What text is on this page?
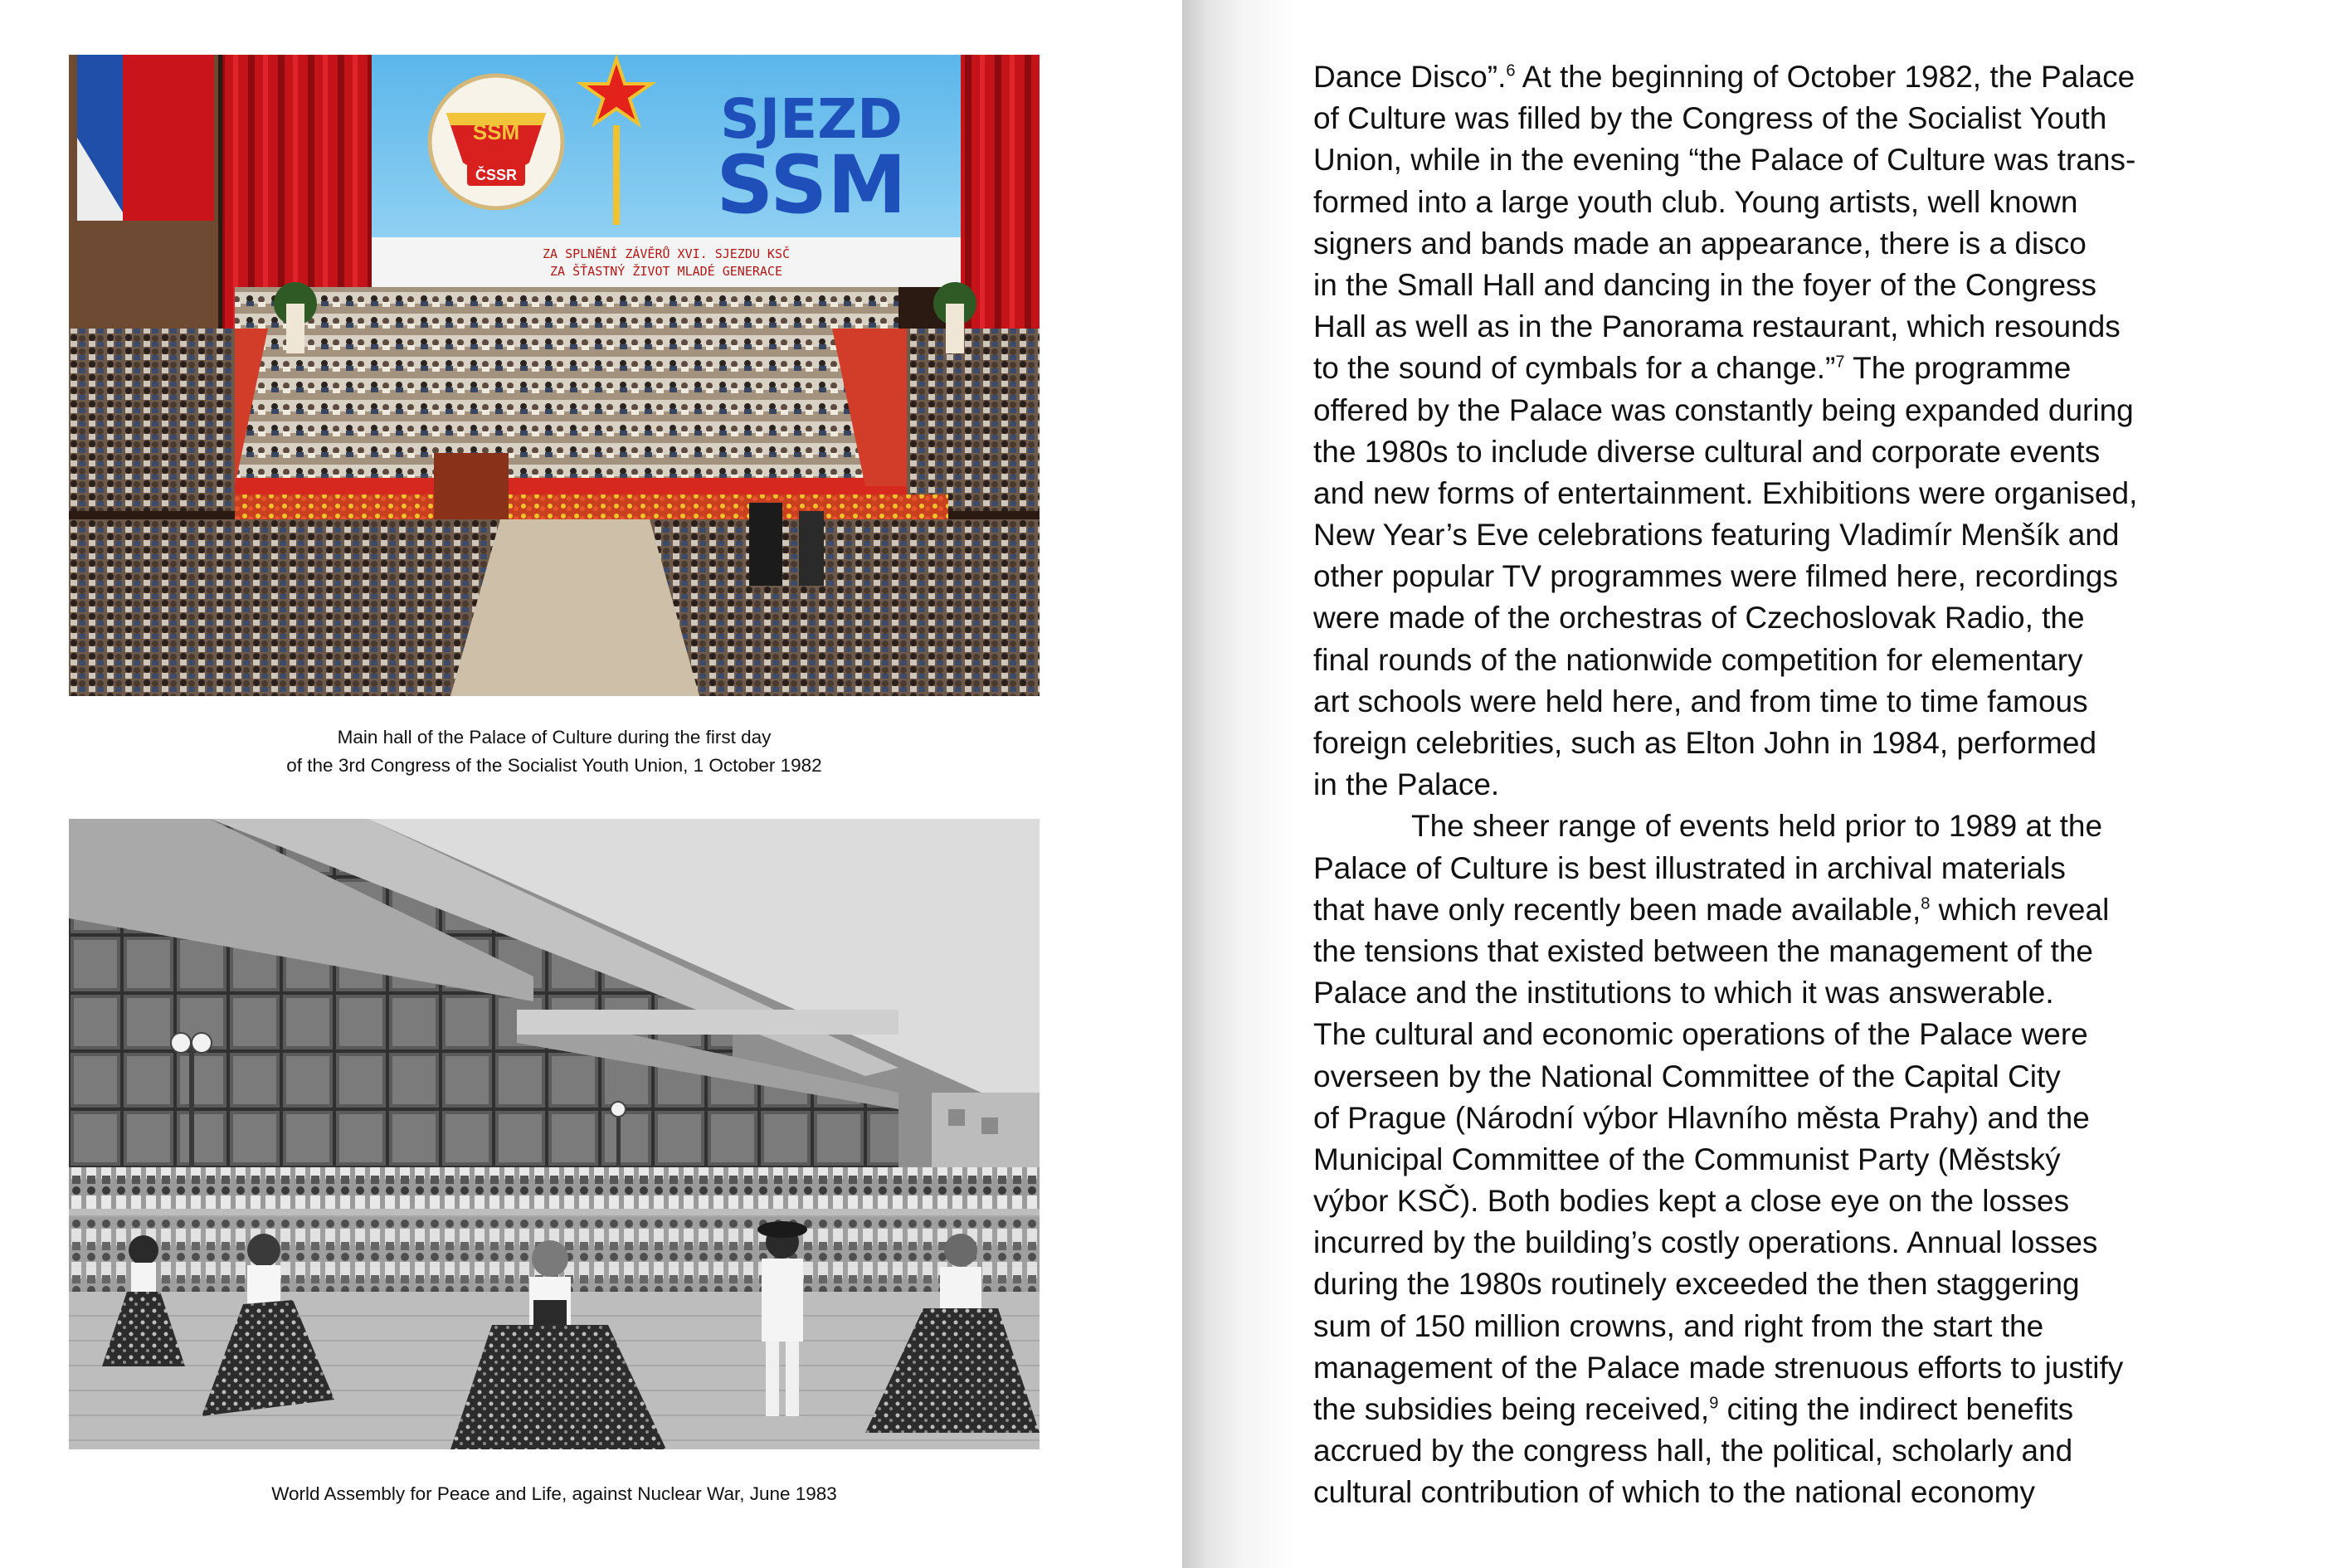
SSM
ČSSR
SJEZD
SSM
ZA SPLNĚNÍ ZÁVĚRŮ XVI. SJEZDU KSČ
ZA ŠŤASTNÝ ŽIVOT MLADÉ GENERACE
Main hall of the Palace of Culture during the first day
of the 3rd Congress of the Socialist Youth Union, 1 October 1982
World Assembly for Peace and Life, against Nuclear War, June 1983
Dance Disco”.$^6$ At the beginning of October 1982, the Palace
of Culture was filled by the Congress of the Socialist Youth
Union, while in the evening “the Palace of Culture was trans-
formed into a large youth club. Young artists, well known
signers and bands made an appearance, there is a disco
in the Small Hall and dancing in the foyer of the Congress
Hall as well as in the Panorama restaurant, which resounds
to the sound of cymbals for a change.”$^7$ The programme
offered by the Palace was constantly being expanded during
the 1980s to include diverse cultural and corporate events
and new forms of entertainment. Exhibitions were organised,
New Year’s Eve celebrations featuring Vladimír Menšík and
other popular TV programmes were filmed here, recordings
were made of the orchestras of Czechoslovak Radio, the
final rounds of the nationwide competition for elementary
art schools were held here, and from time to time famous
foreign celebrities, such as Elton John in 1984, performed
in the Palace.
The sheer range of events held prior to 1989 at the
Palace of Culture is best illustrated in archival materials
that have only recently been made available,$^8$ which reveal
the tensions that existed between the management of the
Palace and the institutions to which it was answerable.
The cultural and economic operations of the Palace were
overseen by the National Committee of the Capital City
of Prague (Národní výbor Hlavního města Prahy) and the
Municipal Committee of the Communist Party (Městský
výbor KSČ). Both bodies kept a close eye on the losses
incurred by the building’s costly operations. Annual losses
during the 1980s routinely exceeded the then staggering
sum of 150 million crowns, and right from the start the
management of the Palace made strenuous efforts to justify
the subsidies being received,$^9$ citing the indirect benefits
accrued by the congress hall, the political, scholarly and
cultural contribution of which to the national economy
